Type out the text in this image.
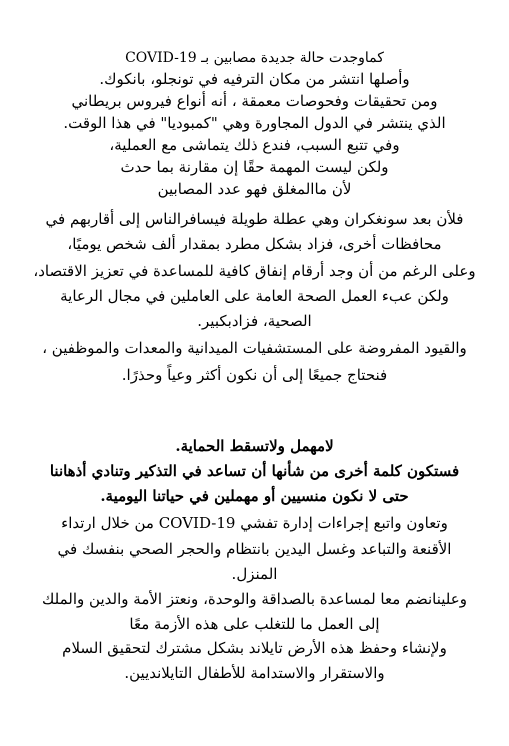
كماوجدت حالة جديدة مصابين بـ COVID-19
وأصلها انتشر من مكان الترفيه في تونجلو، بانكوك.
ومن تحقيقات وفحوصات معمقة ، أنه أنواع فيروس بريطاني
الذي ينتشر في الدول المجاورة وهي "كمبوديا" في هذا الوقت.
وفي تتبع السبب، فندع ذلك يتماشى مع العملية،
ولكن ليست المهمة حقًا إن مقارنة بما حدث
لأن ماالمغلق فهو عدد المصابين
فلأن بعد سونغكران وهي عطلة طويلة فيسافرالناس إلى أقاربهم في
محافظات أخرى، فزاد بشكل مطرد بمقدار ألف شخص يوميًا،
وعلى الرغم من أن وجد أرقام إنفاق كافية للمساعدة في تعزيز الاقتصاد،
ولكن عبء العمل الصحة العامة على العاملين في مجال الرعاية
الصحية، فزادبكبير.
والقيود المفروضة على المستشفيات الميدانية والمعدات والموظفين ،
فنحتاج جميعًا إلى أن نكون أكثر وعياً وحذرًا.
لامهمل ولاتسقط الحماية.
فستكون كلمة أخرى من شأنها أن تساعد في التذكير وتنادي أذهاننا
حتى لا نكون منسيين أو مهملين في حياتنا اليومية.
وتعاون واتبع إجراءات إدارة تفشي COVID-19 من خلال ارتداء
الأقنعة والتباعد وغسل اليدين بانتظام والحجر الصحي بنفسك في
المنزل.
وعلينانضم معا لمساعدة بالصداقة والوحدة، ونعتز الأمة والدين والملك
إلى العمل ما للتغلب على هذه الأزمة معًا
ولإنشاء وحفظ هذه الأرض تايلاند بشكل مشترك لتحقيق السلام
والاستقرار والاستدامة للأطفال التايلانديين.
